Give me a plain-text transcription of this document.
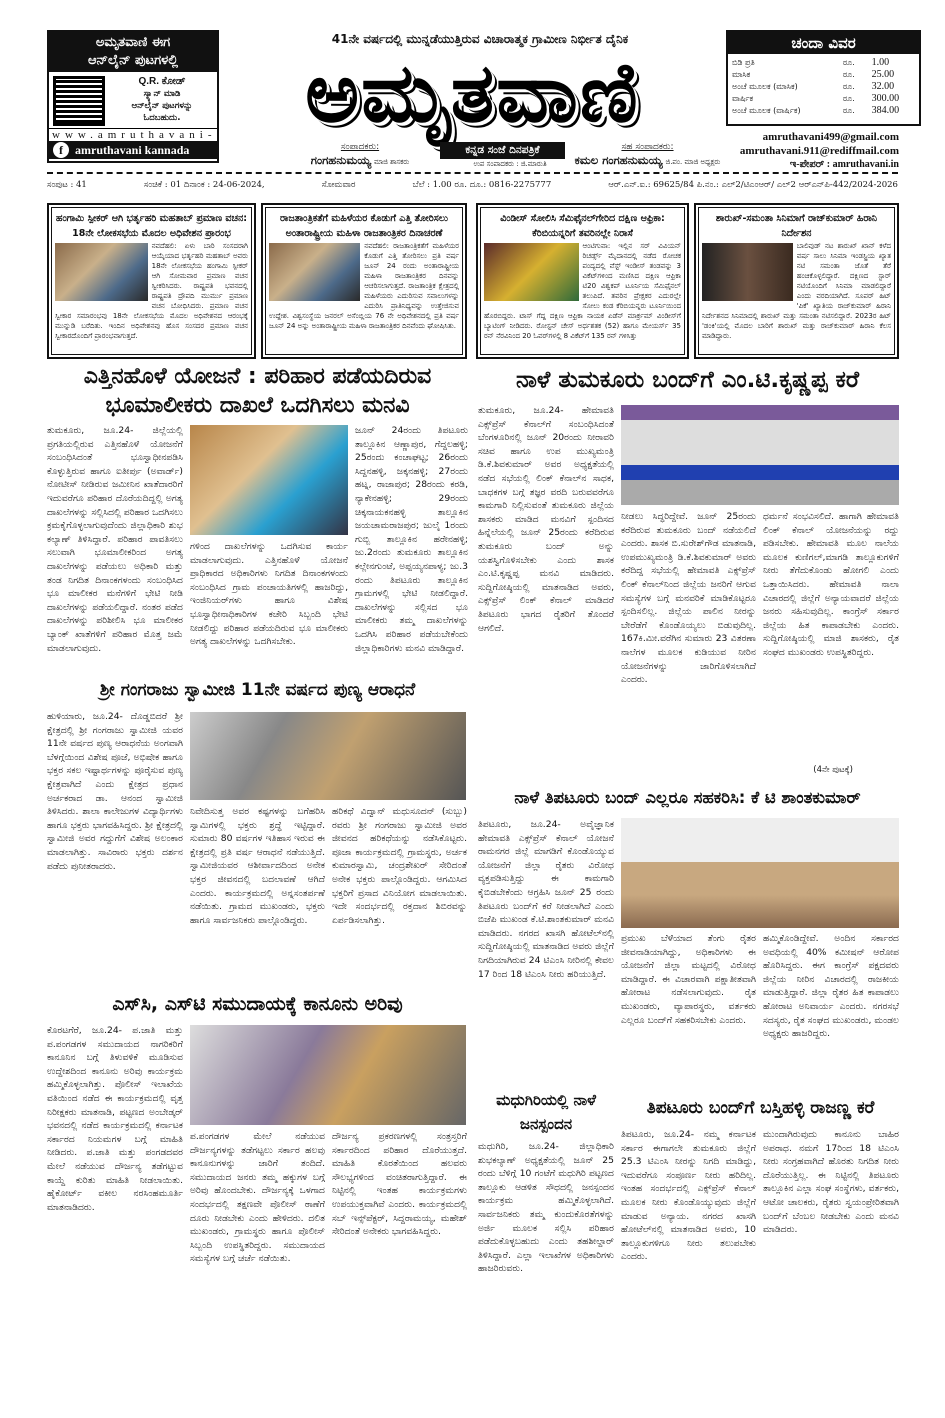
ಅಮೃತವಾಣಿ ಈಗ
ಆನ್‌ಲೈನ್ ಪುಟಗಳಲ್ಲಿ
Q.R. ಕೋಡ್
ಸ್ಕ್ಯಾನ್ ಮಾಡಿ
ಆನ್‌ಲೈನ್ ಪುಟಗಳನ್ನು
ಓದಬಹುದು.
www.amruthavani-
f	amruthavani kannada
41ನೇ ವರ್ಷದಲ್ಲಿ ಮುನ್ನಡೆಯುತ್ತಿರುವ ವಿಚಾರಾತ್ಮಕ ಗ್ರಾಮೀಣ ನಿರ್ಭೀತ ದೈನಿಕ
ಅಮೃತವಾಣಿ
ಕನ್ನಡ ಸಂಜೆ ದಿನಪತ್ರಿಕೆ
ಉಪ ಸಂಪಾದಕರು : ಜಿ.ಮಾರುತಿ
ಸಂಪಾದಕರು:
ಗಂಗಹನುಮಯ್ಯ ಮಾಜಿ ಶಾಸಕರು
ಸಹ ಸಂಪಾದಕರು:
ಕಮಲ ಗಂಗಹನುಮಯ್ಯ ಜಿ.ಪಂ. ಮಾಜಿ ಅಧ್ಯಕ್ಷರು
ಚಂದಾ ವಿವರ
ಬಿಡಿ ಪ್ರತಿ	ರೂ.	1.00
ಮಾಸಿಕ	ರೂ.	25.00
ಅಂಚೆ ಮೂಲಕ (ಮಾಸಿಕ)	ರೂ.	32.00
ವಾರ್ಷಿಕ	ರೂ.	300.00
ಅಂಚೆ ಮೂಲಕ (ವಾರ್ಷಿಕ)	ರೂ.	384.00
amruthavani499@gmail.com
amruthavani.911@rediffmail.com
ಇ-ಪೇಪರ್ : amruthavani.in
ಸಂಪುಟ : 41	ಸಂಚಿಕೆ : 01 ದಿನಾಂಕ : 24-06-2024,	ಸೋಮವಾರ	ಬೆಲೆ : 1.00 ರೂ. ದೂ.: 0816-2275777	ಆರ್.ಎನ್.ಐ.: 69625/84 ಪಿ.ನಂ.: ಎಲ್2/ಟಿಎಂಆರ್/ ಎಲ್2 ಆರ್‌ಎನ್‌ಪಿ-442/2024-2026
ಹಂಗಾಮಿ ಸ್ಪೀಕರ್ ಆಗಿ ಭರ್ತೃಹರಿ ಮಹತಾಬ್ ಪ್ರಮಾಣ ವಚನ: 18ನೇ ಲೋಕಸಭೆಯ ಮೊದಲ ಅಧಿವೇಶನ ಪ್ರಾರಂಭ

ನವದೆಹಲಿ: ಏಳು ಬಾರಿ ಸಂಸದರಾಗಿ ಆಯ್ಕೆಯಾದ ಭರ್ತೃಹರಿ ಮಹತಾಬ್ ಅವರು 18ನೇ ಲೋಕಸಭೆಯ ಹಂಗಾಮಿ ಸ್ಪೀಕರ್ ಆಗಿ ಸೋಮವಾರ ಪ್ರಮಾಣ ವಚನ ಸ್ವೀಕರಿಸಿದರು. ರಾಷ್ಟ್ರಪತಿ ಭವನದಲ್ಲಿ ರಾಷ್ಟ್ರಪತಿ ದ್ರೌಪದಿ ಮುರ್ಮು ಪ್ರಮಾಣ ವಚನ ಬೋಧಿಸಿದರು. ಪ್ರಮಾಣ ವಚನ ಸ್ವೀಕಾರ ಸಮಾರಂಭವು 18ನೇ ಲೋಕಸಭೆಯ ಮೊದಲ ಅಧಿವೇಶನದ ಆರಂಭಕ್ಕೆ ಮುನ್ನುಡಿ ಬರೆದಿತು. ಇಂದಿನ ಅಧಿವೇಶನವು ಹೊಸ ಸಂಸದರ ಪ್ರಮಾಣ ವಚನ ಸ್ವೀಕಾರದೊಂದಿಗೆ ಪ್ರಾರಂಭವಾಗುತ್ತದೆ.

ರಾಜತಾಂತ್ರಿಕತೆಗೆ ಮಹಿಳೆಯರ ಕೊಡುಗೆ ಎತ್ತಿ ತೋರಿಸಲು ಅಂತಾರಾಷ್ಟ್ರೀಯ ಮಹಿಳಾ ರಾಜತಾಂತ್ರಿಕರ ದಿನಾಚರಣೆ

ನವದೆಹಲಿ: ರಾಜತಾಂತ್ರಿಕತೆಗೆ ಮಹಿಳೆಯರ ಕೊಡುಗೆ ಎತ್ತಿ ತೋರಿಸಲು ಪ್ರತಿ ವರ್ಷ ಜೂನ್ 24 ರಂದು ಅಂತಾರಾಷ್ಟ್ರೀಯ ಮಹಿಳಾ ರಾಜತಾಂತ್ರಿಕರ ದಿನವನ್ನು ಆಚರಿಸಲಾಗುತ್ತದೆ. ರಾಜತಾಂತ್ರಿಕ ಕ್ಷೇತ್ರದಲ್ಲಿ ಮಹಿಳೆಯರು ಎದುರಿಸುವ ಸವಾಲುಗಳನ್ನು ಎದುರಿಸಿ ಪ್ರಾತಿನಿಧ್ಯವನ್ನು ಉತ್ತೇಜಿಸುವ ಉದ್ದೇಶ. ವಿಶ್ವಸಂಸ್ಥೆಯ ಜನರಲ್ ಅಸೆಂಬ್ಲಿಯ 76 ನೇ ಅಧಿವೇಶನದಲ್ಲಿ ಪ್ರತಿ ವರ್ಷ ಜೂನ್ 24 ಅನ್ನು ಅಂತಾರಾಷ್ಟ್ರೀಯ ಮಹಿಳಾ ರಾಜತಾಂತ್ರಿಕರ ದಿನವೆಂದು ಘೋಷಿಸಿತು.

ವಿಂಡೀಸ್ ಸೋಲಿಸಿ ಸೆಮಿಫೈನಲ್‌ಗೇರಿದ ದಕ್ಷಿಣ ಆಫ್ರಿಕಾ: ಕೆರಿಬಿಯನ್ನರಿಗೆ ತವರಿನಲ್ಲೇ ನಿರಾಸೆ

ಆಂಟಿಗುವಾ: ಇಲ್ಲಿನ ಸರ್ ವಿವಿಯನ್ ರಿಚರ್ಡ್ಸ್ ಮೈದಾನದಲ್ಲಿ ನಡೆದ ರೋಚಕ ಪಂದ್ಯದಲ್ಲಿ ವೆಸ್ಟ್ ಇಂಡೀಸ್ ತಂಡವನ್ನು 3 ವಿಕೆಟ್‌ಗಳಿಂದ ಮಣಿಸಿದ ದಕ್ಷಿಣ ಆಫ್ರಿಕಾ ಟಿ20 ವಿಶ್ವಕಪ್ ಟೂರ್ನಿಯ ಸೆಮಿಫೈನಲ್ ತಲುಪಿದೆ. ತವರಿನ ಪ್ರೇಕ್ಷಕರ ಎದುರಲ್ಲೇ ಸೋಲು ಕಂಡ ಕೆರಿಬಿಯನ್ನರು ಟೂರ್ನಿಯಿಂದ ಹೊರಬಿದ್ದರು. ಟಾಸ್ ಗೆದ್ದ ದಕ್ಷಿಣ ಆಫ್ರಿಕಾ ನಾಯಕ ಏಡೆನ್ ಮಾರ್ಕ್ರಮ್ ವಿಂಡೀಸ್‌ಗೆ ಬ್ಯಾಟಿಂಗ್ ನೀಡಿದರು. ರೋಸ್ಟನ್ ಚೇಸ್ ಅರ್ಧಶತಕ (52) ಹಾಗೂ ಮೇಯರ್ಸ್ 35 ರನ್ ನೆರವಿನಿಂದ 20 ಓವರ್‌ಗಳಲ್ಲಿ 8 ವಿಕೆಟ್‌ಗೆ 135 ರನ್ ಗಳಿಸಿತ್ತು

ಶಾರುಖ್-ಸಮಂತಾ ಸಿನಿಮಾಗೆ ರಾಜ್‌ಕುಮಾರ್ ಹಿರಾನಿ ನಿರ್ದೇಶನ

ಬಾಲಿವುಡ್ ನಟ ಶಾರುಖ್ ಖಾನ್ ಕಳೆದ ವರ್ಷ ಸಾಲು ಸಿನಿಮಾ ಇಂಡಸ್ಟ್ರಿಯ ಖ್ಯಾತ ನಟಿ ಸಮಂತಾ ಜೊತೆ ತೆರೆ ಹಂಚಿಕೊಳ್ಳಲಿದ್ದಾರೆ. ದಕ್ಷಿಣದ ಸ್ಟಾರ್ ನಟಿಯೊಂದಿಗೆ ಸಿನಿಮಾ ಮಾಡಲಿದ್ದಾರೆ ಎಂದು ವರದಿಯಾಗಿದೆ. ಸೂಪರ್ ಹಿಟ್ 'ಪಿಕೆ' ಖ್ಯಾತಿಯ ರಾಜ್‌ಕುಮಾರ್ ಹಿರಾನಿ ನಿರ್ದೇಶನದ ಸಿನಿಮಾದಲ್ಲಿ ಶಾರುಖ್ ಮತ್ತು ಸಮಂತಾ ನಟಿಸಲಿದ್ದಾರೆ. 2023ರ ಹಿಟ್ 'ಡಂಕಿ'ಯಲ್ಲಿ ಮೊದಲ ಬಾರಿಗೆ ಶಾರುಖ್ ಮತ್ತು ರಾಜ್‌ಕುಮಾರ್ ಹಿರಾನಿ ಕೆಲಸ ಮಾಡಿದ್ದಾರು.

ಎತ್ತಿನಹೊಳೆ ಯೋಜನೆ : ಪರಿಹಾರ ಪಡೆಯದಿರುವ
ಭೂಮಾಲೀಕರು ದಾಖಲೆ ಒದಗಿಸಲು ಮನವಿ
ತುಮಕೂರು, ಜೂ.24- ಜಿಲ್ಲೆಯಲ್ಲಿ ಪ್ರಗತಿಯಲ್ಲಿರುವ ಎತ್ತಿನಹೊಳೆ ಯೋಜನೆಗೆ ಸಂಬಂಧಿಸಿದಂತೆ ಭೂಸ್ವಾಧೀನಪಡಿಸಿ ಕೊಳ್ಳುತ್ತಿರುವ ಹಾಗೂ ಐತೀರ್ಪು (ಅವಾರ್ಡ್) ನೋಟೀಸ್ ನೀಡಿರುವ ಜಮೀನಿನ ಖಾತೆದಾರರಿಗೆ ಇದುವರೆಗೂ ಪರಿಹಾರ ದೊರೆಯದಿದ್ದಲ್ಲಿ ಅಗತ್ಯ ದಾಖಲೆಗಳನ್ನು ಸಲ್ಲಿಸಿದಲ್ಲಿ ಪರಿಹಾರ ಒದಗಿಸಲು ಕ್ರಮಕೈಗೊಳ್ಳಲಾಗುವುದೆಂದು ಜಿಲ್ಲಾಧಿಕಾರಿ ಶುಭ ಕಲ್ಯಾಣ್ ತಿಳಿಸಿದ್ದಾರೆ. ಪರಿಹಾರ ಪಾವತಿಸಲು ಸಲುವಾಗಿ ಭೂಮಾಲೀಕರಿಂದ ಅಗತ್ಯ ದಾಖಲೆಗಳನ್ನು ಪಡೆಯಲು ಅಧಿಕಾರಿ ಮತ್ತು ತಂಡ ನಿಗದಿತ ದಿನಾಂಕಗಳಂದು ಸಂಬಂಧಿಸಿದ ಭೂ ಮಾಲೀಕರ ಮನೆಗಳಿಗೆ ಭೇಟಿ ನೀಡಿ ದಾಖಲೆಗಳನ್ನು ಪಡೆಯಲಿದ್ದಾರೆ. ನಂತರ ಪಡೆದ ದಾಖಲೆಗಳನ್ನು ಪರಿಶೀಲಿಸಿ ಭೂ ಮಾಲೀಕರ ಬ್ಯಾಂಕ್ ಖಾತೆಗಳಿಗೆ ಪರಿಹಾರ ಮೊತ್ತ ಜಮೆ ಮಾಡಲಾಗುವುದು.
ಗಳಿಂದ ದಾಖಲೆಗಳನ್ನು ಒದಗಿಸುವ ಕಾರ್ಯ ಮಾಡಲಾಗುವುದು. ಎತ್ತಿನಹೊಳೆ ಯೋಜನೆ ಪ್ರಾಧಿಕಾರದ ಅಧಿಕಾರಿಗಳು ನಿಗದಿತ ದಿನಾಂಕಗಳಂದು ಸಂಬಂಧಿಸಿದ ಗ್ರಾಮ ಪಂಚಾಯತಿಗಳಲ್ಲಿ ಹಾಜರಿದ್ದು, ಇಂಜಿನಿಯರ್‌ಗಳು ಹಾಗೂ ವಿಶೇಷ ಭೂಸ್ವಾಧೀನಾಧಿಕಾರಿಗಳ ಕಚೇರಿ ಸಿಬ್ಬಂದಿ ಭೇಟಿ ನೀಡಲಿದ್ದು ಪರಿಹಾರ ಪಡೆಯದಿರುವ ಭೂ ಮಾಲೀಕರು ಅಗತ್ಯ ದಾಖಲೆಗಳನ್ನು ಒದಗಿಸಬೇಕು.
ಜೂನ್ 24ರಂದು ತಿಪಟೂರು ತಾಲ್ಲೂಕಿನ ಆಣ್ಣಾಪುರ, ಗೆದ್ದಲಹಳ್ಳಿ; 25ರಂದು ಕಂಚಾಘಟ್ಟ; 26ರಂದು ಸಿದ್ದನಹಳ್ಳಿ, ಜಕ್ಕನಹಳ್ಳಿ; 27ರಂದು ಹಟ್ನ, ರಾಜಾಪುರ; 28ರಂದು ಕರಡಿ, ನ್ಯಾಕೇನಹಳ್ಳಿ; 29ರಂದು ಚಿಕ್ಕನಾಯಕನಹಳ್ಳಿ ತಾಲ್ಲೂಕಿನ ಜಯಚಾಮರಾಜಪುರ; ಜುಲೈ 1ರಂದು ಗುಬ್ಬಿ ತಾಲ್ಲೂಕಿನ ಹರೇನಹಳ್ಳಿ; ಜು.2ರಂದು ತುಮಕೂರು ತಾಲ್ಲೂಕಿನ ಕಲ್ಲೇನಗುಂಟೆ, ಅಪ್ಪಯ್ಯನಪಾಳ್ಯ; ಜು.3 ರಂದು ತಿಪಟೂರು ತಾಲ್ಲೂಕಿನ ಗ್ರಾಮಗಳಲ್ಲಿ ಭೇಟಿ ನೀಡಲಿದ್ದಾರೆ. ದಾಖಲೆಗಳನ್ನು ಸಲ್ಲಿಸದ ಭೂ ಮಾಲೀಕರು ತಮ್ಮ ದಾಖಲೆಗಳನ್ನು ಒದಗಿಸಿ ಪರಿಹಾರ ಪಡೆಯಬೇಕೆಂದು ಜಿಲ್ಲಾಧಿಕಾರಿಗಳು ಮನವಿ ಮಾಡಿದ್ದಾರೆ.
ಶ್ರೀ ಗಂಗರಾಜು ಸ್ವಾಮೀಜಿ 11ನೇ ವರ್ಷದ ಪುಣ್ಯ ಆರಾಧನೆ
ಹುಳಿಯಾರು, ಜೂ.24- ದೊಡ್ಡಬಿದರೆ ಶ್ರೀ ಕ್ಷೇತ್ರದಲ್ಲಿ ಶ್ರೀ ಗಂಗರಾಜು ಸ್ವಾಮೀಜಿ ಯವರ 11ನೇ ವರ್ಷದ ಪುಣ್ಯ ಆರಾಧನೆಯ ಅಂಗವಾಗಿ ಬೆಳಗ್ಗೆಯಿಂದ ವಿಶೇಷ ಪೂಜೆ, ಅಭಿಷೇಕ ಹಾಗೂ ಭಕ್ತರ ಸಕಲ ಇಷ್ಟಾರ್ಥಗಳನ್ನು ಪೂರೈಸುವ ಪುಣ್ಯ ಕ್ಷೇತ್ರವಾಗಿದೆ ಎಂದು ಕ್ಷೇತ್ರದ ಪ್ರಧಾನ ಅರ್ಚಕರಾದ ಡಾ. ಆನಂದ ಸ್ವಾಮೀಜಿ ತಿಳಿಸಿದರು. ಶಾಲಾ ಕಾಲೇಜುಗಳ ವಿದ್ಯಾರ್ಥಿಗಳು ಹಾಗೂ ಭಕ್ತರು ಭಾಗವಹಿಸಿದ್ದರು. ಶ್ರೀ ಕ್ಷೇತ್ರದಲ್ಲಿ ಸ್ವಾಮೀಜಿ ಅವರ ಗದ್ದುಗೆಗೆ ವಿಶೇಷ ಅಲಂಕಾರ ಮಾಡಲಾಗಿತ್ತು. ಸಾವಿರಾರು ಭಕ್ತರು ದರ್ಶನ ಪಡೆದು ಪುನೀತರಾದರು.
ನಿವೇದಿಸುತ್ತ ಅವರ ಕಷ್ಟಗಳನ್ನು ಬಗೆಹರಿಸಿ ಸ್ವಾಮಿಗಳಲ್ಲಿ ಭಕ್ತರು ಶ್ರದ್ಧೆ ಇಟ್ಟಿದ್ದಾರೆ. ಸುಮಾರು 80 ವರ್ಷಗಳ ಇತಿಹಾಸ ಇರುವ ಈ ಕ್ಷೇತ್ರದಲ್ಲಿ ಪ್ರತಿ ವರ್ಷ ಆರಾಧನೆ ನಡೆಯುತ್ತಿದೆ. ಸ್ವಾಮೀಜಿಯವರ ಆಶೀರ್ವಾದದಿಂದ ಅನೇಕ ಭಕ್ತರ ಜೀವನದಲ್ಲಿ ಬದಲಾವಣೆ ಆಗಿದೆ ಎಂದರು. ಕಾರ್ಯಕ್ರಮದಲ್ಲಿ ಅನ್ನಸಂತರ್ಪಣೆ ನಡೆಯಿತು. ಗ್ರಾಮದ ಮುಖಂಡರು, ಭಕ್ತರು ಹಾಗೂ ಸಾರ್ವಜನಿಕರು ಪಾಲ್ಗೊಂಡಿದ್ದರು.
ಹರಿಕಥೆ ವಿದ್ವಾನ್ ಮಧುಸೂದನ್ (ಸುಬ್ಬು) ರವರು ಶ್ರೀ ಗಂಗರಾಜು ಸ್ವಾಮೀಜಿ ಅವರ ಜೀವನದ ಹರಿಕಥೆಯನ್ನು ನಡೆಸಿಕೊಟ್ಟರು. ಪೂಜಾ ಕಾರ್ಯಕ್ರಮದಲ್ಲಿ ಗ್ರಾಮಸ್ಥರು, ಅರ್ಚಕ ಕುಮಾರಸ್ವಾಮಿ, ಚಂದ್ರಶೇಖರ್ ಸೇರಿದಂತೆ ಅನೇಕ ಭಕ್ತರು ಪಾಲ್ಗೊಂಡಿದ್ದರು. ಆಗಮಿಸಿದ ಭಕ್ತರಿಗೆ ಪ್ರಸಾದ ವಿನಿಯೋಗ ಮಾಡಲಾಯಿತು. ಇದೇ ಸಂದರ್ಭದಲ್ಲಿ ರಕ್ತದಾನ ಶಿಬಿರವನ್ನು ಏರ್ಪಡಿಸಲಾಗಿತ್ತು.
ಎಸ್‌ಸಿ, ಎಸ್‌ಟಿ ಸಮುದಾಯಕ್ಕೆ ಕಾನೂನು ಅರಿವು
ಕೊರಟಗೆರೆ, ಜೂ.24- ಪ.ಜಾತಿ ಮತ್ತು ಪ.ಪಂಗಡಗಳ ಸಮುದಾಯದ ನಾಗರಿಕರಿಗೆ ಕಾನೂನಿನ ಬಗ್ಗೆ ತಿಳುವಳಿಕೆ ಮೂಡಿಸುವ ಉದ್ದೇಶದಿಂದ ಕಾನೂನು ಅರಿವು ಕಾರ್ಯಕ್ರಮ ಹಮ್ಮಿಕೊಳ್ಳಲಾಗಿತ್ತು. ಪೊಲೀಸ್ ಇಲಾಖೆಯ ವತಿಯಿಂದ ನಡೆದ ಈ ಕಾರ್ಯಕ್ರಮದಲ್ಲಿ ವೃತ್ತ ನಿರೀಕ್ಷಕರು ಮಾತನಾಡಿ, ಪಟ್ಟಣದ ಅಂಬೇಡ್ಕರ್ ಭವನದಲ್ಲಿ ನಡೆದ ಕಾರ್ಯಕ್ರಮದಲ್ಲಿ ಕರ್ನಾಟಕ ಸರ್ಕಾರದ ನಿಯಮಗಳ ಬಗ್ಗೆ ಮಾಹಿತಿ ನೀಡಿದರು. ಪ.ಜಾತಿ ಮತ್ತು ಪಂಗಡದವರ ಮೇಲೆ ನಡೆಯುವ ದೌರ್ಜನ್ಯ ತಡೆಗಟ್ಟುವ ಕಾಯ್ದೆ ಕುರಿತು ಮಾಹಿತಿ ನೀಡಲಾಯಿತು. ಹೈಕೋರ್ಟ್ ವಕೀಲ ನರಸಿಂಹಮೂರ್ತಿ ಮಾತನಾಡಿದರು.
ಪ.ಪಂಗಡಗಳ ಮೇಲೆ ನಡೆಯುವ ದೌರ್ಜನ್ಯಗಳನ್ನು ತಡೆಗಟ್ಟಲು ಸರ್ಕಾರ ಹಲವು ಕಾನೂನುಗಳನ್ನು ಜಾರಿಗೆ ತಂದಿದೆ. ಸಮುದಾಯದ ಜನರು ತಮ್ಮ ಹಕ್ಕುಗಳ ಬಗ್ಗೆ ಅರಿವು ಹೊಂದಬೇಕು. ದೌರ್ಜನ್ಯಕ್ಕೆ ಒಳಗಾದ ಸಂದರ್ಭದಲ್ಲಿ ತಕ್ಷಣವೇ ಪೊಲೀಸ್ ಠಾಣೆಗೆ ದೂರು ನೀಡಬೇಕು ಎಂದು ಹೇಳಿದರು. ದಲಿತ ಮುಖಂಡರು, ಗ್ರಾಮಸ್ಥರು ಹಾಗೂ ಪೊಲೀಸ್ ಸಿಬ್ಬಂದಿ ಉಪಸ್ಥಿತರಿದ್ದರು. ಸಮುದಾಯದ ಸಮಸ್ಯೆಗಳ ಬಗ್ಗೆ ಚರ್ಚೆ ನಡೆಯಿತು.
ದೌರ್ಜನ್ಯ ಪ್ರಕರಣಗಳಲ್ಲಿ ಸಂತ್ರಸ್ತರಿಗೆ ಸರ್ಕಾರದಿಂದ ಪರಿಹಾರ ದೊರೆಯುತ್ತದೆ. ಮಾಹಿತಿ ಕೊರತೆಯಿಂದ ಹಲವರು ಸೌಲಭ್ಯಗಳಿಂದ ವಂಚಿತರಾಗುತ್ತಿದ್ದಾರೆ. ಈ ನಿಟ್ಟಿನಲ್ಲಿ ಇಂತಹ ಕಾರ್ಯಕ್ರಮಗಳು ಉಪಯುಕ್ತವಾಗಿವೆ ಎಂದರು. ಕಾರ್ಯಕ್ರಮದಲ್ಲಿ ಸಬ್ ಇನ್ಸ್‌ಪೆಕ್ಟರ್, ಸಿದ್ದರಾಮಯ್ಯ, ಮಹೇಶ್ ಸೇರಿದಂತೆ ಅನೇಕರು ಭಾಗವಹಿಸಿದ್ದರು.
ನಾಳೆ ತುಮಕೂರು ಬಂದ್‌ಗೆ ಎಂ.ಟಿ.ಕೃಷ್ಣಪ್ಪ ಕರೆ
ತುಮಕೂರು, ಜೂ.24- ಹೇಮಾವತಿ ಎಕ್ಸ್‌ಪ್ರೆಸ್ ಕೆನಾಲ್‌ಗೆ ಸಂಬಂಧಿಸಿದಂತೆ ಬೆಂಗಳೂರಿನಲ್ಲಿ ಜೂನ್ 20ರಂದು ನೀರಾವರಿ ಸಚಿವ ಹಾಗೂ ಉಪ ಮುಖ್ಯಮಂತ್ರಿ ಡಿ.ಕೆ.ಶಿವಕುಮಾರ್ ಅವರ ಅಧ್ಯಕ್ಷತೆಯಲ್ಲಿ ನಡೆದ ಸಭೆಯಲ್ಲಿ ಲಿಂಕ್ ಕೆನಾಲ್‌ನ ಸಾಧಕ, ಬಾಧಕಗಳ ಬಗ್ಗೆ ತಜ್ಞರ ವರದಿ ಬರುವವರೆಗೂ ಕಾಮಗಾರಿ ನಿಲ್ಲಿಸುವಂತೆ ತುಮಕೂರು ಜಿಲ್ಲೆಯ ಶಾಸಕರು ಮಾಡಿದ ಮನವಿಗೆ ಸ್ಪಂದಿಸದ ಹಿನ್ನೆಲೆಯಲ್ಲಿ ಜೂನ್ 25ರಂದು ಕರೆದಿರುವ ತುಮಕೂರು ಬಂದ್ ಅನ್ನು ಯಶಸ್ವಿಗೊಳಿಸಬೇಕು ಎಂದು ಶಾಸಕ ಎಂ.ಟಿ.ಕೃಷ್ಣಪ್ಪ ಮನವಿ ಮಾಡಿದರು. ಸುದ್ದಿಗೋಷ್ಠಿಯಲ್ಲಿ ಮಾತನಾಡಿದ ಅವರು, ಎಕ್ಸ್‌ಪ್ರೆಸ್ ಲಿಂಕ್ ಕೆನಾಲ್ ಮಾಡಿದರೆ ತಿಪಟೂರು ಭಾಗದ ರೈತರಿಗೆ ತೊಂದರೆ ಆಗಲಿದೆ.
ನೀಡಲು ಸಿದ್ಧರಿದ್ದೇವೆ. ಜೂನ್ 25ರಂದು ಕರೆದಿರುವ ತುಮಕೂರು ಬಂದ್ ನಡೆಯಲಿದೆ ಎಂದರು. ಶಾಸಕ ಬಿ.ಸುರೇಶ್‌ಗೌಡ ಮಾತನಾಡಿ, ಉಪಮುಖ್ಯಮಂತ್ರಿ ಡಿ.ಕೆ.ಶಿವಕುಮಾರ್ ಅವರು ಕರೆದಿದ್ದ ಸಭೆಯಲ್ಲಿ ಹೇಮಾವತಿ ಎಕ್ಸ್‌ಪ್ರೆಸ್ ಲಿಂಕ್ ಕೆನಾಲ್‌ನಿಂದ ಜಿಲ್ಲೆಯ ಜನರಿಗೆ ಆಗುವ ಸಮಸ್ಯೆಗಳ ಬಗ್ಗೆ ಮನವರಿಕೆ ಮಾಡಿಕೊಟ್ಟರೂ ಸ್ಪಂದಿಸಲಿಲ್ಲ. ಜಿಲ್ಲೆಯ ಪಾಲಿನ ನೀರನ್ನು ಬೇರೆಡೆಗೆ ಕೊಂಡೊಯ್ಯಲು ಬಿಡುವುದಿಲ್ಲ. 167ಕಿ.ಮೀ.ವರೆಗಿನ ಸುಮಾರು 23 ವಿತರಣಾ ನಾಲೆಗಳ ಮೂಲಕ ಕುಡಿಯುವ ನೀರಿನ ಯೋಜನೆಗಳನ್ನು ಜಾರಿಗೊಳಿಸಲಾಗಿದೆ ಎಂದರು.
ಧರ್ಮನೆ ಸಂಭವಿಸಲಿದೆ. ಹಾಗಾಗಿ ಹೇಮಾವತಿ ಲಿಂಕ್ ಕೆನಾಲ್ ಯೋಜನೆಯನ್ನು ರದ್ದು ಪಡಿಸಬೇಕು. ಹೇಮಾವತಿ ಮೂಲ ನಾಲೆಯ ಮೂಲಕ ಕುಣಿಗಲ್,ಮಾಗಡಿ ತಾಲ್ಲೂಕುಗಳಿಗೆ ನೀರು ತೆಗೆದುಕೊಂಡು ಹೋಗಲಿ ಎಂದು ಒತ್ತಾಯಿಸಿದರು. ಹೇಮಾವತಿ ನಾಲಾ ವಿಚಾರದಲ್ಲಿ ಜಿಲ್ಲೆಗೆ ಅನ್ಯಾಯವಾದರೆ ಜಿಲ್ಲೆಯ ಜನರು ಸಹಿಸುವುದಿಲ್ಲ. ಕಾಂಗ್ರೆಸ್ ಸರ್ಕಾರ ಜಿಲ್ಲೆಯ ಹಿತ ಕಾಪಾಡಬೇಕು ಎಂದರು. ಸುದ್ದಿಗೋಷ್ಠಿಯಲ್ಲಿ ಮಾಜಿ ಶಾಸಕರು, ರೈತ ಸಂಘದ ಮುಖಂಡರು ಉಪಸ್ಥಿತರಿದ್ದರು.
(4ನೇ ಪುಟಕ್ಕೆ)
ನಾಳೆ ತಿಪಟೂರು ಬಂದ್ ಎಲ್ಲರೂ ಸಹಕರಿಸಿ: ಕೆ ಟಿ ಶಾಂತಕುಮಾರ್
ತಿಪಟೂರು, ಜೂ.24- ಅವೈಜ್ಞಾನಿಕ ಹೇಮಾವತಿ ಎಕ್ಸ್‌ಪ್ರೆಸ್ ಕೆನಾಲ್ ಯೋಜನೆ ರಾಮನಗರ ಜಿಲ್ಲೆ ಮಾಗಡಿಗೆ ಕೊಂಡೊಯ್ಯುವ ಯೋಜನೆಗೆ ಜಿಲ್ಲಾ ರೈತರು ವಿರೋಧ ವ್ಯಕ್ತಪಡಿಸುತ್ತಿದ್ದು ಈ ಕಾಮಗಾರಿ ಕೈಬಿಡಬೇಕೆಂದು ಆಗ್ರಹಿಸಿ ಜೂನ್ 25 ರಂದು ತಿಪಟೂರು ಬಂದ್‌ಗೆ ಕರೆ ನೀಡಲಾಗಿದೆ ಎಂದು ಬಿಜೆಪಿ ಮುಖಂಡ ಕೆ.ಟಿ.ಶಾಂತಕುಮಾರ್ ಮನವಿ ಮಾಡಿದರು. ನಗರದ ಖಾಸಗಿ ಹೋಟೆಲ್‌ನಲ್ಲಿ ಸುದ್ದಿಗೋಷ್ಠಿಯಲ್ಲಿ ಮಾತನಾಡಿದ ಅವರು ಜಿಲ್ಲೆಗೆ ನಿಗದಿಯಾಗಿರುವ 24 ಟಿಎಂಸಿ ನೀರಿನಲ್ಲಿ ಕೇವಲ 17 ರಿಂದ 18 ಟಿಎಂಸಿ ನೀರು ಹರಿಯುತ್ತಿದೆ.
ಪ್ರಮುಖ ಬೆಳೆಯಾದ ತೆಂಗು ರೈತರ ಜೀವನಾಡಿಯಾಗಿದ್ದು, ಅಧಿಕಾರಿಗಳು ಈ ಯೋಜನೆಗೆ ಜಿಲ್ಲಾ ಮಟ್ಟದಲ್ಲಿ ವಿರೋಧ ಮಾಡಿದ್ದಾರೆ. ಈ ವಿಚಾರವಾಗಿ ಪಕ್ಷಾತೀತವಾಗಿ ಹೋರಾಟ ನಡೆಸಲಾಗುವುದು. ರೈತ ಮುಖಂಡರು, ವ್ಯಾಪಾರಸ್ಥರು, ವರ್ತಕರು ಎಲ್ಲರೂ ಬಂದ್‌ಗೆ ಸಹಕರಿಸಬೇಕು ಎಂದರು.
ಹಮ್ಮಿಕೊಂಡಿದ್ದೇವೆ. ಅಂದಿನ ಸರ್ಕಾರದ ಅವಧಿಯಲ್ಲಿ 40% ಕಮೀಷನ್ ಆರೋಪ ಹೊರಿಸಿದ್ದರು. ಈಗ ಕಾಂಗ್ರೆಸ್ ಪಕ್ಷದವರು ಜಿಲ್ಲೆಯ ನೀರಿನ ವಿಚಾರದಲ್ಲಿ ರಾಜಕೀಯ ಮಾಡುತ್ತಿದ್ದಾರೆ. ಜಿಲ್ಲಾ ರೈತರ ಹಿತ ಕಾಪಾಡಲು ಹೋರಾಟ ಅನಿವಾರ್ಯ ಎಂದರು. ನಗರಸಭೆ ಸದಸ್ಯರು, ರೈತ ಸಂಘದ ಮುಖಂಡರು, ಮಂಡಲ ಅಧ್ಯಕ್ಷರು ಹಾಜರಿದ್ದರು.
ಮಧುಗಿರಿಯಲ್ಲಿ ನಾಳೆ ಜನಸ್ಪಂದನ
ಮಧುಗಿರಿ, ಜೂ.24- ಜಿಲ್ಲಾಧಿಕಾರಿ ಶುಭಕಲ್ಯಾಣ್ ಅಧ್ಯಕ್ಷತೆಯಲ್ಲಿ ಜೂನ್ 25 ರಂದು ಬೆಳಿಗ್ಗೆ 10 ಗಂಟೆಗೆ ಮಧುಗಿರಿ ಪಟ್ಟಣದ ತಾಲ್ಲೂಕು ಆಡಳಿತ ಸೌಧದಲ್ಲಿ ಜನಸ್ಪಂದನ ಕಾರ್ಯಕ್ರಮ ಹಮ್ಮಿಕೊಳ್ಳಲಾಗಿದೆ. ಸಾರ್ವಜನಿಕರು ತಮ್ಮ ಕುಂದುಕೊರತೆಗಳನ್ನು ಅರ್ಜಿ ಮೂಲಕ ಸಲ್ಲಿಸಿ ಪರಿಹಾರ ಪಡೆದುಕೊಳ್ಳಬಹುದು ಎಂದು ತಹಶೀಲ್ದಾರ್ ತಿಳಿಸಿದ್ದಾರೆ. ಎಲ್ಲಾ ಇಲಾಖೆಗಳ ಅಧಿಕಾರಿಗಳು ಹಾಜರಿರುವರು.
ತಿಪಟೂರು ಬಂದ್‌ಗೆ ಬಸ್ತಿಹಳ್ಳಿ ರಾಜಣ್ಣ ಕರೆ
ತಿಪಟೂರು, ಜೂ.24- ನಮ್ಮ ಕರ್ನಾಟಕ ಸರ್ಕಾರ ಈಗಾಗಲೇ ತುಮಕೂರು ಜಿಲ್ಲೆಗೆ 25.3 ಟಿಎಂಸಿ ನೀರನ್ನು ನಿಗದಿ ಮಾಡಿದ್ದು, ಇದುವರೆಗೂ ಸಂಪೂರ್ಣ ನೀರು ಹರಿದಿಲ್ಲ. ಇಂತಹ ಸಂದರ್ಭದಲ್ಲಿ ಎಕ್ಸ್‌ಪ್ರೆಸ್ ಕೆನಾಲ್ ಮೂಲಕ ನೀರು ಕೊಂಡೊಯ್ಯುವುದು ಜಿಲ್ಲೆಗೆ ಮಾಡುವ ಅನ್ಯಾಯ. ನಗರದ ಖಾಸಗಿ ಹೋಟೆಲ್‌ನಲ್ಲಿ ಮಾತನಾಡಿದ ಅವರು, 10 ತಾಲ್ಲೂಕುಗಳಿಗೂ ನೀರು ತಲುಪಬೇಕು ಎಂದರು.
ಮುಂದಾಗಿರುವುದು ಕಾನೂನು ಬಾಹಿರ ಅಪರಾಧ. ನಮಗೆ 17ರಿಂದ 18 ಟಿಎಂಸಿ ನೀರು ಸಂಗ್ರಹವಾಗಿದೆ ಹೊರತು ನಿಗದಿತ ನೀರು ದೊರೆಯುತ್ತಿಲ್ಲ. ಈ ನಿಟ್ಟಿನಲ್ಲಿ ತಿಪಟೂರು ತಾಲ್ಲೂಕಿನ ಎಲ್ಲಾ ಸಂಘ ಸಂಸ್ಥೆಗಳು, ವರ್ತಕರು, ಆಟೋ ಚಾಲಕರು, ರೈತರು ಸ್ವಯಂಪ್ರೇರಿತವಾಗಿ ಬಂದ್‌ಗೆ ಬೆಂಬಲ ನೀಡಬೇಕು ಎಂದು ಮನವಿ ಮಾಡಿದರು.
